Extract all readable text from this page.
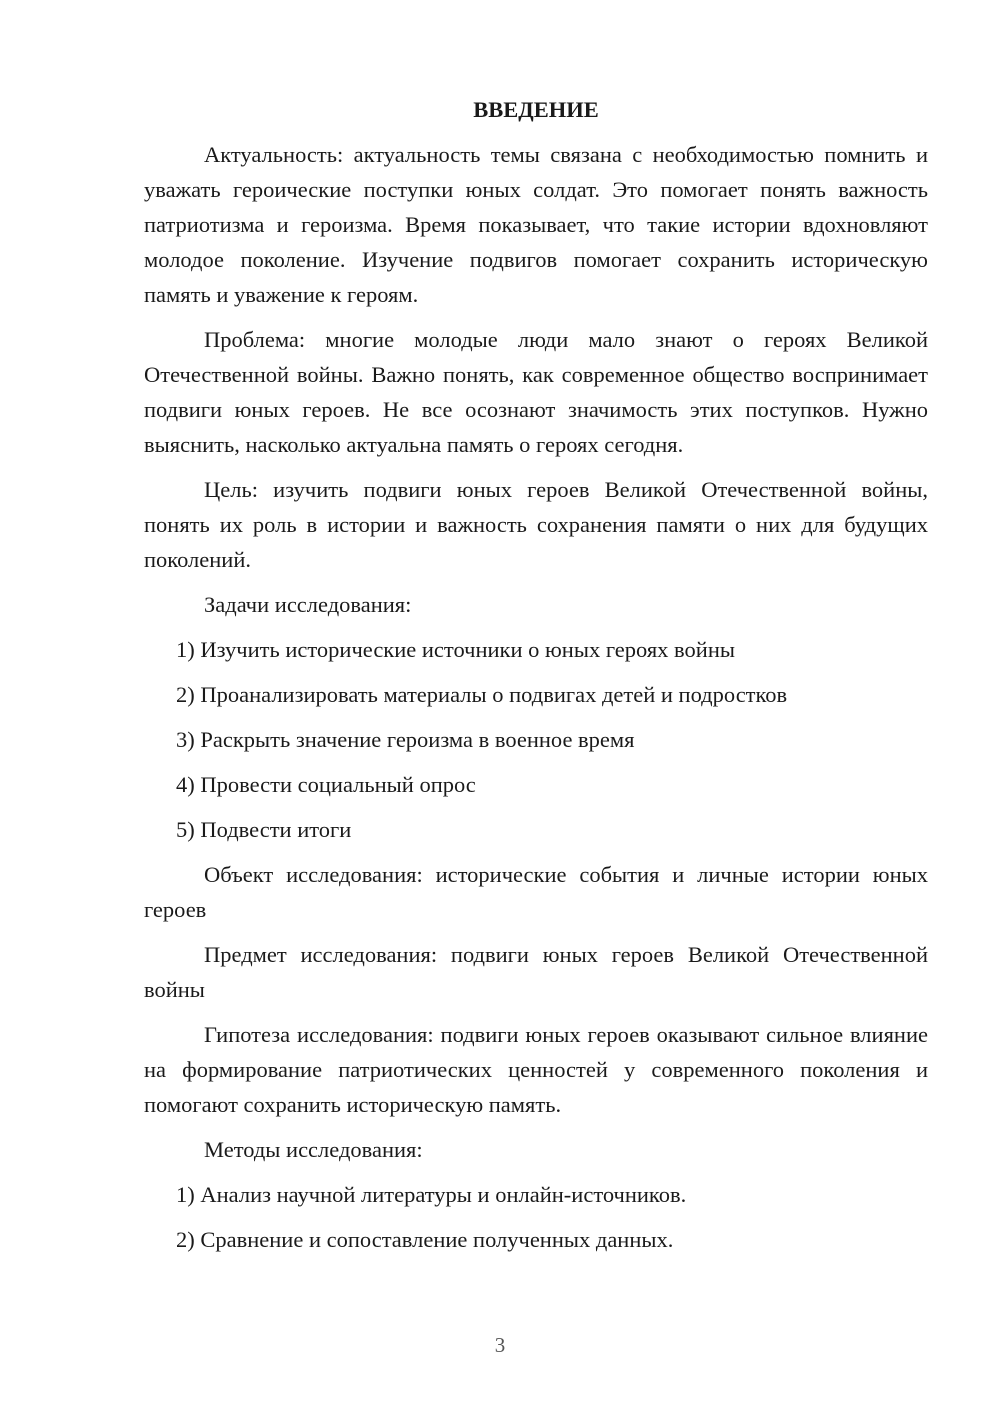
ВВЕДЕНИЕ

Актуальность: актуальность темы связана с необходимостью помнить и уважать героические поступки юных солдат. Это помогает понять важность патриотизма и героизма. Время показывает, что такие истории вдохновляют молодое поколение. Изучение подвигов помогает сохранить историческую память и уважение к героям.

Проблема: многие молодые люди мало знают о героях Великой Отечественной войны. Важно понять, как современное общество воспринимает подвиги юных героев. Не все осознают значимость этих поступков. Нужно выяснить, насколько актуальна память о героях сегодня.

Цель: изучить подвиги юных героев Великой Отечественной войны, понять их роль в истории и важность сохранения памяти о них для будущих поколений.

Задачи исследования:

1) Изучить исторические источники о юных героях войны

2) Проанализировать материалы о подвигах детей и подростков

3) Раскрыть значение героизма в военное время

4) Провести социальный опрос

5) Подвести итоги

Объект исследования: исторические события и личные истории юных героев

Предмет исследования: подвиги юных героев Великой Отечественной войны

Гипотеза исследования: подвиги юных героев оказывают сильное влияние на формирование патриотических ценностей у современного поколения и помогают сохранить историческую память.

Методы исследования:

1) Анализ научной литературы и онлайн-источников.

2) Сравнение и сопоставление полученных данных.

3
